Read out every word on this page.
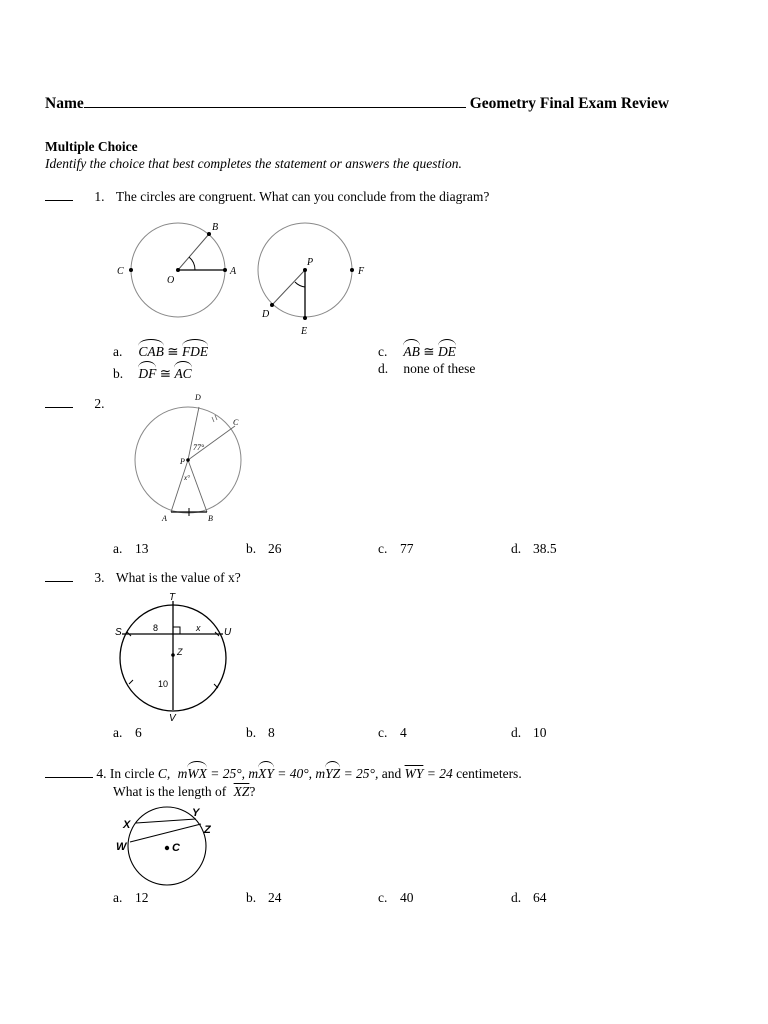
Name	Geometry Final Exam Review
Multiple Choice
Identify the choice that best completes the statement or answers the question.
1. The circles are congruent. What can you conclude from the diagram?
B
C
O
A
P
F
D
E
a. CAB ≅ FDE
b. DF ≅ AC
c. AB ≅ DE
d. none of these
2.	D
C
77°
P
x°
A	B
a. 13	b. 26	c. 77	d. 38.5
3. What is the value of x?
T
S	U
8	x
Z
10
V
a. 6	b. 8	c. 4	d. 10
4. In circle C, mWX = 25°, mXY = 40°, mYZ = 25°, and $\overline{WY} = 24$ centimeters.
What is the length of $\overline{XZ}$?
X
Y
Z
W	C
a. 12	b. 24	c. 40	d. 64
